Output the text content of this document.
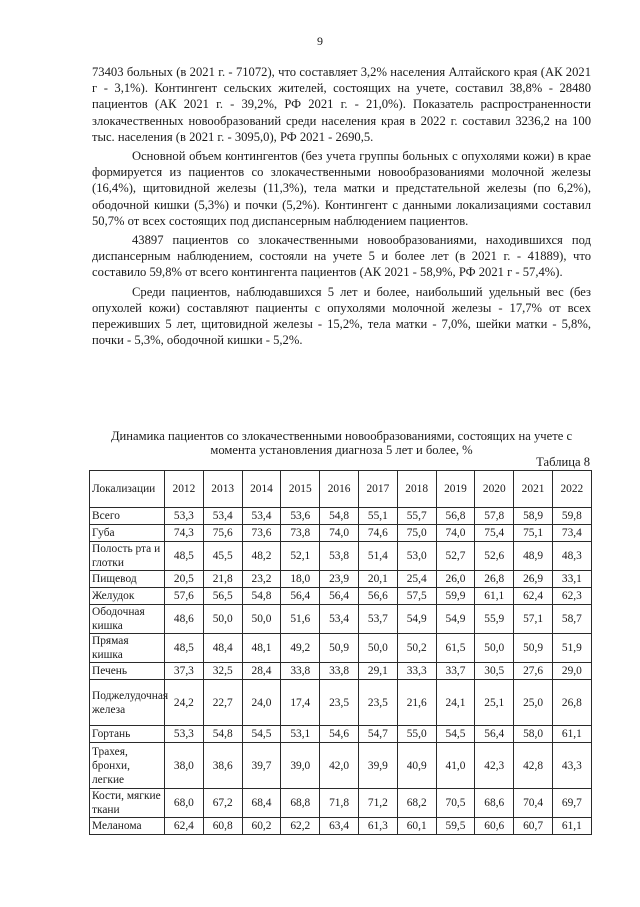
9

73403 больных (в 2021 г. - 71072), что составляет 3,2% населения Алтайского края (АК 2021 г - 3,1%). Контингент сельских жителей, состоящих на учете, составил 38,8% - 28480 пациентов (АК 2021 г. - 39,2%, РФ 2021 г. - 21,0%). Показатель распространенности злокачественных новообразований среди населения края в 2022 г. составил 3236,2 на 100 тыс. населения (в 2021 г. - 3095,0), РФ 2021 - 2690,5.

Основной объем контингентов (без учета группы больных с опухолями кожи) в крае формируется из пациентов со злокачественными новообразованиями молочной железы (16,4%), щитовидной железы (11,3%), тела матки и предстательной железы (по 6,2%), ободочной кишки (5,3%) и почки (5,2%). Контингент с данными локализациями составил 50,7% от всех состоящих под диспансерным наблюдением пациентов.

43897 пациентов со злокачественными новообразованиями, находившихся под диспансерным наблюдением, состояли на учете 5 и более лет (в 2021 г. - 41889), что составило 59,8% от всего контингента пациентов (АК 2021 - 58,9%, РФ 2021 г - 57,4%).

Среди пациентов, наблюдавшихся 5 лет и более, наибольший удельный вес (без опухолей кожи) составляют пациенты с опухолями молочной железы - 17,7% от всех переживших 5 лет, щитовидной железы - 15,2%, тела матки - 7,0%, шейки матки - 5,8%, почки - 5,3%, ободочной кишки - 5,2%.

Динамика пациентов со злокачественными новообразованиями, состоящих на учете с момента установления диагноза 5 лет и более, %
Таблица 8
Локализации	2012	2013	2014	2015	2016	2017	2018	2019	2020	2021	2022
Всего	53,3	53,4	53,4	53,6	54,8	55,1	55,7	56,8	57,8	58,9	59,8
Губа	74,3	75,6	73,6	73,8	74,0	74,6	75,0	74,0	75,4	75,1	73,4
Полость рта и глотки	48,5	45,5	48,2	52,1	53,8	51,4	53,0	52,7	52,6	48,9	48,3
Пищевод	20,5	21,8	23,2	18,0	23,9	20,1	25,4	26,0	26,8	26,9	33,1
Желудок	57,6	56,5	54,8	56,4	56,4	56,6	57,5	59,9	61,1	62,4	62,3
Ободочная кишка	48,6	50,0	50,0	51,6	53,4	53,7	54,9	54,9	55,9	57,1	58,7
Прямая кишка	48,5	48,4	48,1	49,2	50,9	50,0	50,2	61,5	50,0	50,9	51,9
Печень	37,3	32,5	28,4	33,8	33,8	29,1	33,3	33,7	30,5	27,6	29,0
Поджелудочная железа	24,2	22,7	24,0	17,4	23,5	23,5	21,6	24,1	25,1	25,0	26,8
Гортань	53,3	54,8	54,5	53,1	54,6	54,7	55,0	54,5	56,4	58,0	61,1
Трахея, бронхи, легкие	38,0	38,6	39,7	39,0	42,0	39,9	40,9	41,0	42,3	42,8	43,3
Кости, мягкие ткани	68,0	67,2	68,4	68,8	71,8	71,2	68,2	70,5	68,6	70,4	69,7
Меланома	62,4	60,8	60,2	62,2	63,4	61,3	60,1	59,5	60,6	60,7	61,1
